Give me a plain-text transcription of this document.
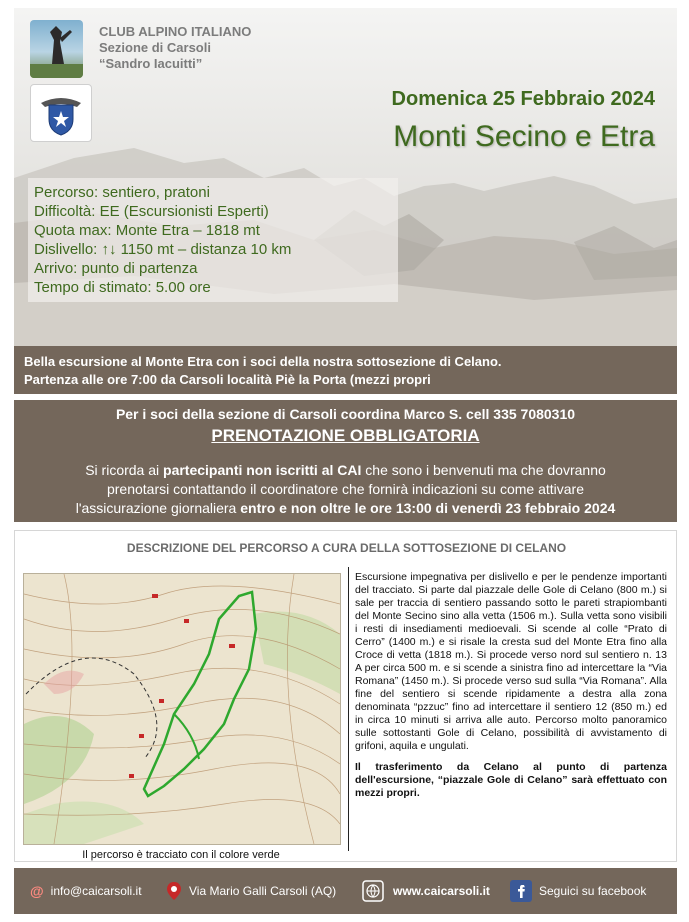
CLUB ALPINO ITALIANO
Sezione di Carsoli
“Sandro Iacuitti”
Domenica 25 Febbraio 2024
Monti Secino e Etra
Percorso: sentiero, pratoni
Difficoltà: EE (Escursionisti Esperti)
Quota max: Monte Etra – 1818 mt
Dislivello: ↑↓ 1150 mt – distanza 10 km
Arrivo: punto di partenza
Tempo di stimato: 5.00 ore
Bella escursione al Monte Etra con i soci della nostra sottosezione di Celano.
Partenza alle ore 7:00 da Carsoli località Piè la Porta (mezzi propri
Per i soci della sezione di Carsoli coordina Marco S. cell 335 7080310
PRENOTAZIONE OBBLIGATORIA
Si ricorda ai partecipanti non iscritti al CAI che sono i benvenuti ma che dovranno
prenotarsi contattando il coordinatore che fornirà indicazioni su come attivare
l'assicurazione giornaliera entro e non oltre le ore 13:00 di venerdì 23 febbraio 2024
DESCRIZIONE DEL PERCORSO A CURA DELLA SOTTOSEZIONE DI CELANO
Il percorso è tracciato con il colore verde

Escursione impegnativa per dislivello e per le pendenze importanti del tracciato. Si parte dal piazzale delle Gole di Celano (800 m.) si sale per traccia di sentiero passando sotto le pareti strapiombanti del Monte Secino sino alla vetta (1506 m.). Sulla vetta sono visibili i resti di insediamenti medioevali. Si scende al colle “Prato di Cerro” (1400 m.) e si risale la cresta sud del Monte Etra fino alla Croce di vetta (1818 m.). Si procede verso nord sul sentiero n. 13 A per circa 500 m. e si scende a sinistra fino ad intercettare la “Via Romana” (1450 m.). Si procede verso sud sulla “Via Romana”. Alla fine del sentiero si scende ripidamente a destra alla zona denominata “pzzuc” fino ad intercettare il sentiero 12 (850 m.) ed in circa 10 minuti si arriva alle auto. Percorso molto panoramico sulle sottostanti Gole di Celano, possibilità di avvistamento di grifoni, aquila e ungulati.

Il trasferimento da Celano al punto di partenza dell'escursione, “piazzale Gole di Celano” sarà effettuato con mezzi propri.

@ info@caicarsoli.it	Via Mario Galli Carsoli (AQ)	www.caicarsoli.it	Seguici su facebook
